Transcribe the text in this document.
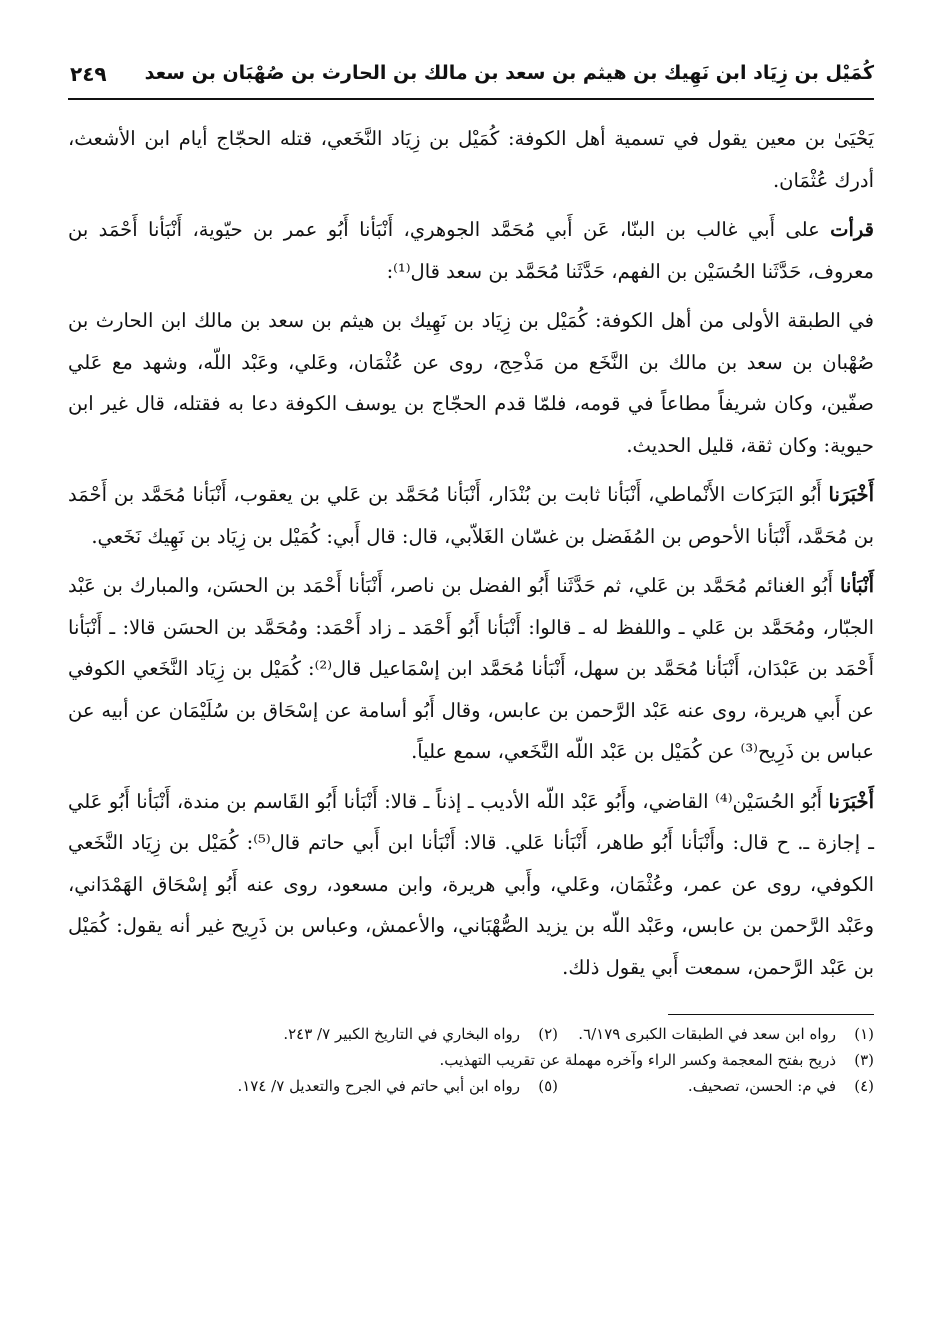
كُمَيْل بن زِيَاد ابن نَهِيك بن هيثم بن سعد بن مالك بن الحارث بن صُهْبَان بن سعد
٢٤٩

يَحْيَىٰ بن معين يقول في تسمية أهل الكوفة: كُمَيْل بن زِيَاد النَّخَعي، قتله الحجّاج أيام ابن الأشعث، أدرك عُثْمَان.

قرأت على أَبي غالب بن البنّا، عَن أَبي مُحَمَّد الجوهري، أَنْبَأنا أَبُو عمر بن حيّوية، أَنْبَأنا أَحْمَد بن معروف، حَدَّثَنا الحُسَيْن بن الفهم، حَدَّثَنا مُحَمَّد بن سعد قال⁽¹⁾:

في الطبقة الأولى من أهل الكوفة: كُمَيْل بن زِيَاد بن نَهِيك بن هيثم بن سعد بن مالك ابن الحارث بن صُهْبان بن سعد بن مالك بن النَّخَع من مَذْحِج، روى عن عُثْمَان، وعَلي، وعَبْد اللّه، وشهد مع عَلي صفّين، وكان شريفاً مطاعاً في قومه، فلمّا قدم الحجّاج بن يوسف الكوفة دعا به فقتله، قال غير ابن حيوية: وكان ثقة، قليل الحديث.

أَخْبَرَنا أَبُو البَرَكات الأَنْماطي، أَنْبَأنا ثابت بن بُنْدَار، أَنْبَأنا مُحَمَّد بن عَلي بن يعقوب، أَنْبَأنا مُحَمَّد بن أَحْمَد بن مُحَمَّد، أَنْبَأنا الأحوص بن المُفَضل بن غسّان الغَلاّبي، قال: قال أَبي: كُمَيْل بن زِيَاد بن نَهِيك نَخَعي.

أَنْبَأنا أَبُو الغنائم مُحَمَّد بن عَلي، ثم حَدَّثَنا أَبُو الفضل بن ناصر، أَنْبَأنا أَحْمَد بن الحسَن، والمبارك بن عَبْد الجبّار، ومُحَمَّد بن عَلي ـ واللفظ له ـ قالوا: أَنْبَأنا أَبُو أَحْمَد ـ زاد أَحْمَد: ومُحَمَّد بن الحسَن قالا: ـ أَنْبَأنا أَحْمَد بن عَبْدَان، أَنْبَأنا مُحَمَّد بن سهل، أَنْبَأنا مُحَمَّد ابن إسْمَاعيل قال⁽²⁾: كُمَيْل بن زِيَاد النَّخَعي الكوفي عن أَبي هريرة، روى عنه عَبْد الرَّحمن بن عابس، وقال أَبُو أسامة عن إسْحَاق بن سُلَيْمَان عن أبيه عن عباس بن ذَرِيح⁽³⁾ عن كُمَيْل بن عَبْد اللّه النَّخَعي، سمع علياً.

أَخْبَرَنا أَبُو الحُسَيْن⁽⁴⁾ القاضي، وأَبُو عَبْد اللّه الأديب ـ إذناً ـ قالا: أَنْبَأنا أَبُو القَاسم بن مندة، أَنْبَأنا أَبُو عَلي ـ إجازة ـ. ح قال: وأَنْبَأنا أَبُو طاهر، أَنْبَأنا عَلي. قالا: أَنْبَأنا ابن أَبي حاتم قال⁽⁵⁾: كُمَيْل بن زِيَاد النَّخَعي الكوفي، روى عن عمر، وعُثْمَان، وعَلي، وأَبي هريرة، وابن مسعود، روى عنه أَبُو إسْحَاق الهَمْدَاني، وعَبْد الرَّحمن بن عابس، وعَبْد اللّه بن يزيد الصُّهْبَاني، والأعمش، وعباس بن ذَرِيح غير أنه يقول: كُمَيْل بن عَبْد الرَّحمن، سمعت أَبي يقول ذلك.

(١)رواه ابن سعد في الطبقات الكبرى ٦/١٧٩.
(٢)رواه البخاري في التاريخ الكبير ٧/ ٢٤٣.
(٣)ذريح بفتح المعجمة وكسر الراء وآخره مهملة عن تقريب التهذيب.
(٤)في م: الحسن، تصحيف.
(٥)رواه ابن أبي حاتم في الجرح والتعديل ٧/ ١٧٤.
